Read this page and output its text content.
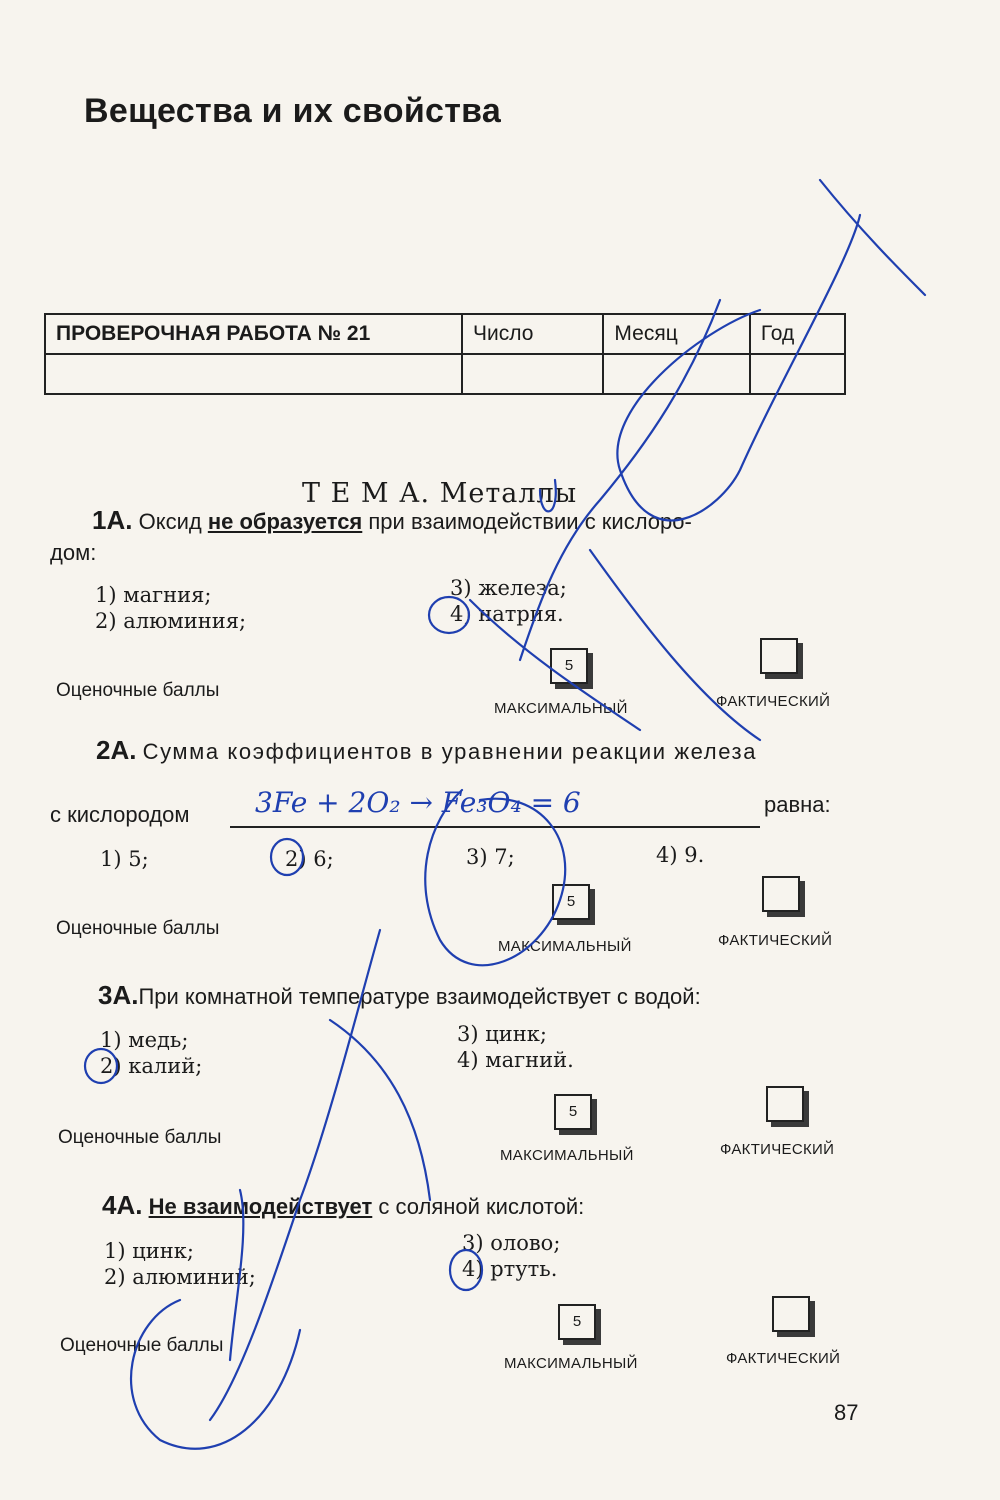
Вещества и их свойства
ПРОВЕРОЧНАЯ РАБОТА № 21	Число	Месяц	Год

Т Е М А. Металлы
1А. Оксид не образуется при взаимодействии с кислоро-
дом:
1) магния;
2) алюминия;
3) железа;
4) натрия.
Оценочные баллы
5
МАКСИМАЛЬНЫЙ	ФАКТИЧЕСКИЙ
2А. Сумма коэффициентов в уравнении реакции железа
с кислородом	равна:
1) 5;	2) 6;	3) 7;	4) 9.
Оценочные баллы
5
МАКСИМАЛЬНЫЙ	ФАКТИЧЕСКИЙ
3А.При комнатной температуре взаимодействует с водой:
1) медь;
2) калий;
3) цинк;
4) магний.
Оценочные баллы
5
МАКСИМАЛЬНЫЙ	ФАКТИЧЕСКИЙ
4А. Не взаимодействует с соляной кислотой:
1) цинк;
2) алюминий;
3) олово;
4) ртуть.
Оценочные баллы
5
МАКСИМАЛЬНЫЙ	ФАКТИЧЕСКИЙ
87
3Fe + 2O₂ → Fe₃O₄ = 6
